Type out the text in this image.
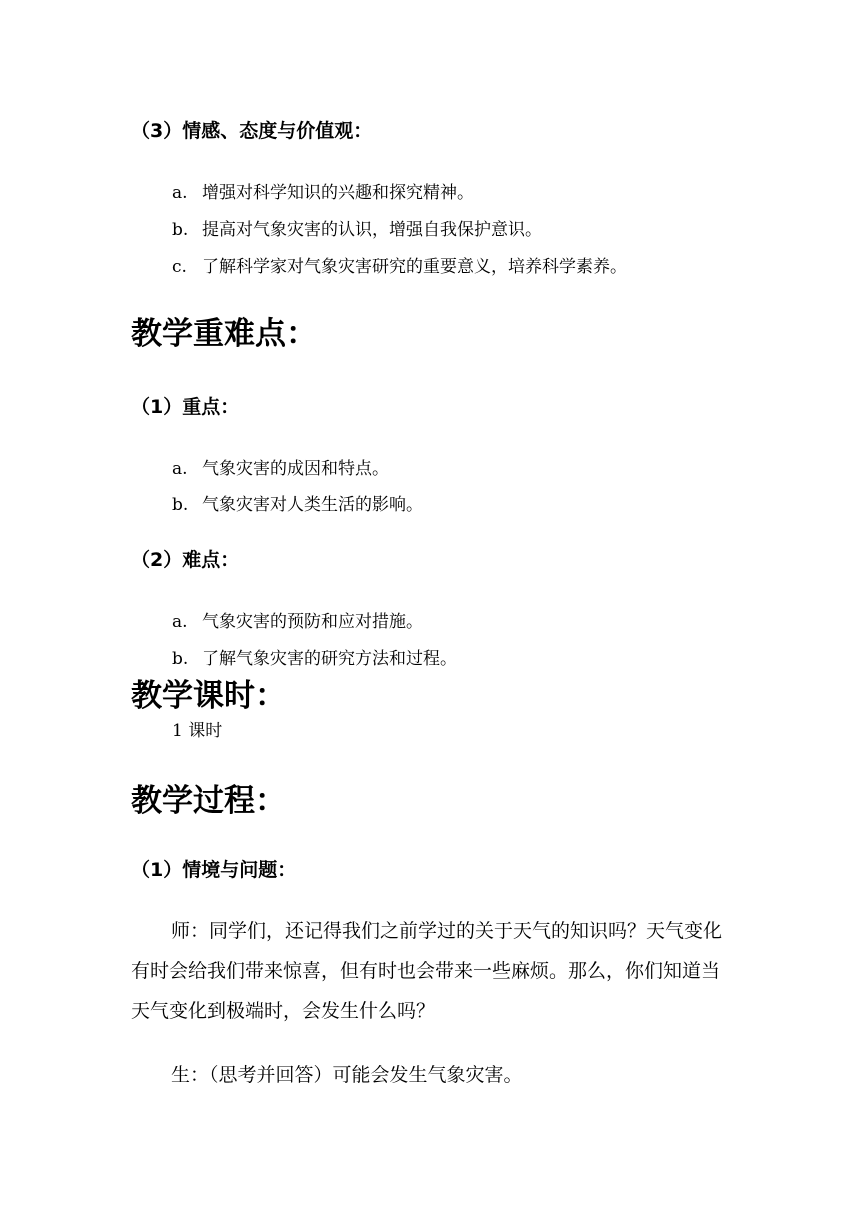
（3）情感、态度与价值观：
a. 增强对科学知识的兴趣和探究精神。
b. 提高对气象灾害的认识，增强自我保护意识。
c. 了解科学家对气象灾害研究的重要意义，培养科学素养。
教学重难点：
（1）重点：
a. 气象灾害的成因和特点。
b. 气象灾害对人类生活的影响。
（2）难点：
a. 气象灾害的预防和应对措施。
b. 了解气象灾害的研究方法和过程。
教学课时：
1 课时
教学过程：
（1）情境与问题：
师：同学们，还记得我们之前学过的关于天气的知识吗？天气变化有时会给我们带来惊喜，但有时也会带来一些麻烦。那么，你们知道当天气变化到极端时，会发生什么吗？
生：（思考并回答）可能会发生气象灾害。
